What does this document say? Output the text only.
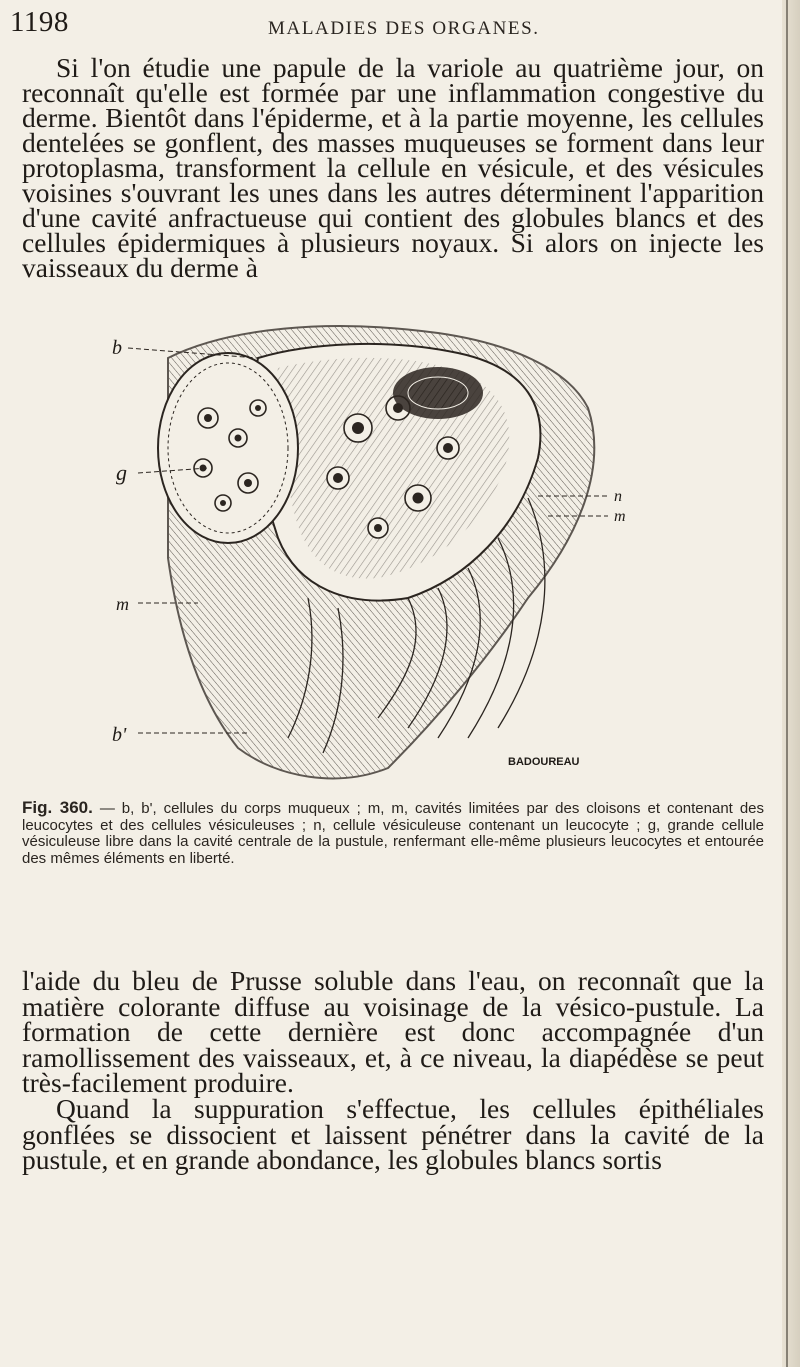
1198	MALADIES DES ORGANES.

Si l'on étudie une papule de la variole au quatrième jour, on reconnaît qu'elle est formée par une inflammation congestive du derme. Bientôt dans l'épiderme, et à la partie moyenne, les cellules dentelées se gonflent, des masses muqueuses se forment dans leur protoplasma, transforment la cellule en vésicule, et des vésicules voisines s'ouvrant les unes dans les autres déterminent l'apparition d'une cavité anfractueuse qui contient des globules blancs et des cellules épidermiques à plusieurs noyaux. Si alors on injecte les vaisseaux du derme à

b
g
m
b'
n
m
BADOUREAU

Fig. 360. — b, b', cellules du corps muqueux ; m, m, cavités limitées par des cloisons et contenant des leucocytes et des cellules vésiculeuses ; n, cellule vésiculeuse contenant un leucocyte ; g, grande cellule vésiculeuse libre dans la cavité centrale de la pustule, renfermant elle-même plusieurs leucocytes et entourée des mêmes éléments en liberté.

l'aide du bleu de Prusse soluble dans l'eau, on reconnaît que la matière colorante diffuse au voisinage de la vésico-pustule. La formation de cette dernière est donc accompagnée d'un ramollissement des vaisseaux, et, à ce niveau, la diapédèse se peut très-facilement produire.

Quand la suppuration s'effectue, les cellules épithéliales gonflées se dissocient et laissent pénétrer dans la cavité de la pustule, et en grande abondance, les globules blancs sortis
